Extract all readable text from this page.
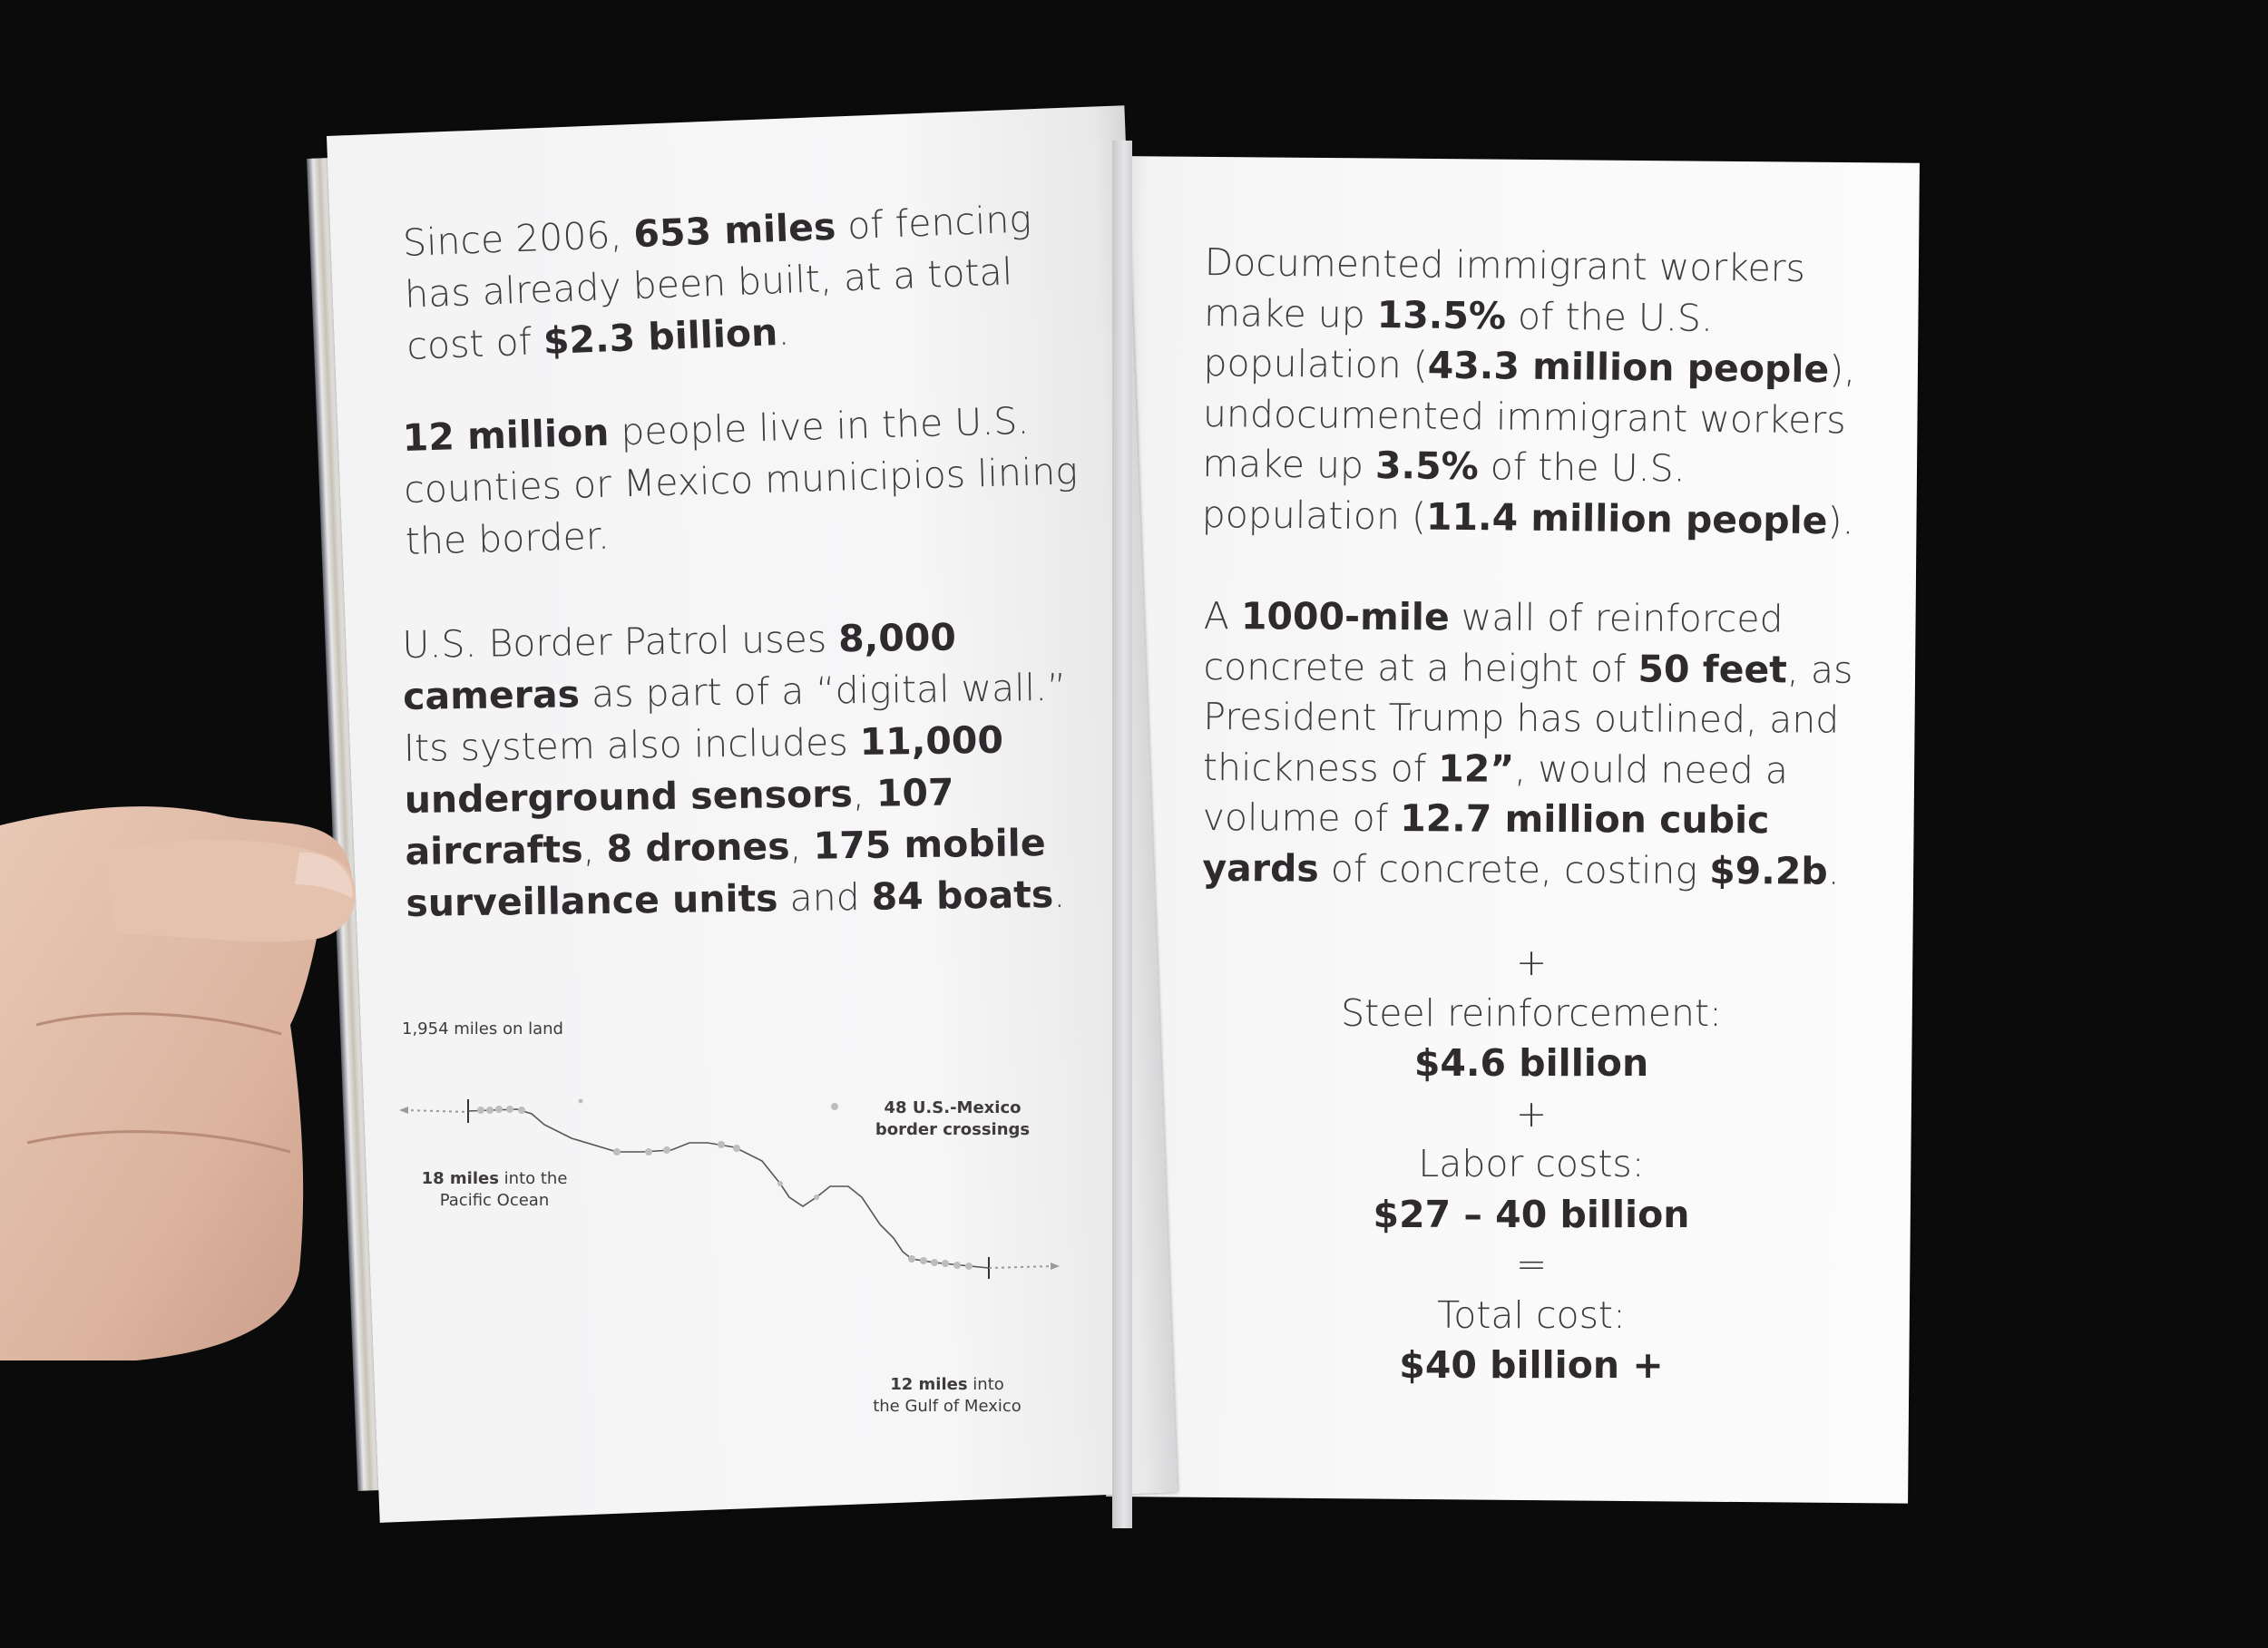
Since 2006, 653 miles of fencing has already been built, at a total cost of $2.3 billion.
12 million people live in the U.S. counties or Mexico municipios lining the border.
U.S. Border Patrol uses 8,000 cameras as part of a “digital wall.” Its system also includes 11,000 underground sensors, 107 aircrafts, 8 drones, 175 mobile surveillance units and 84 boats.
1,954 miles on land
48 U.S.-Mexico
border crossings
18 miles into the
Pacific Ocean
12 miles into
the Gulf of Mexico
Documented immigrant workers make up 13.5% of the U.S. population (43.3 million people), undocumented immigrant workers make up 3.5% of the U.S. population (11.4 million people).
A 1000-mile wall of reinforced concrete at a height of 50 feet, as President Trump has outlined, and thickness of 12”, would need a volume of 12.7 million cubic yards of concrete, costing $9.2b.
+
Steel reinforcement:
$4.6 billion
+
Labor costs:
$27 – 40 billion
=
Total cost:
$40 billion +
